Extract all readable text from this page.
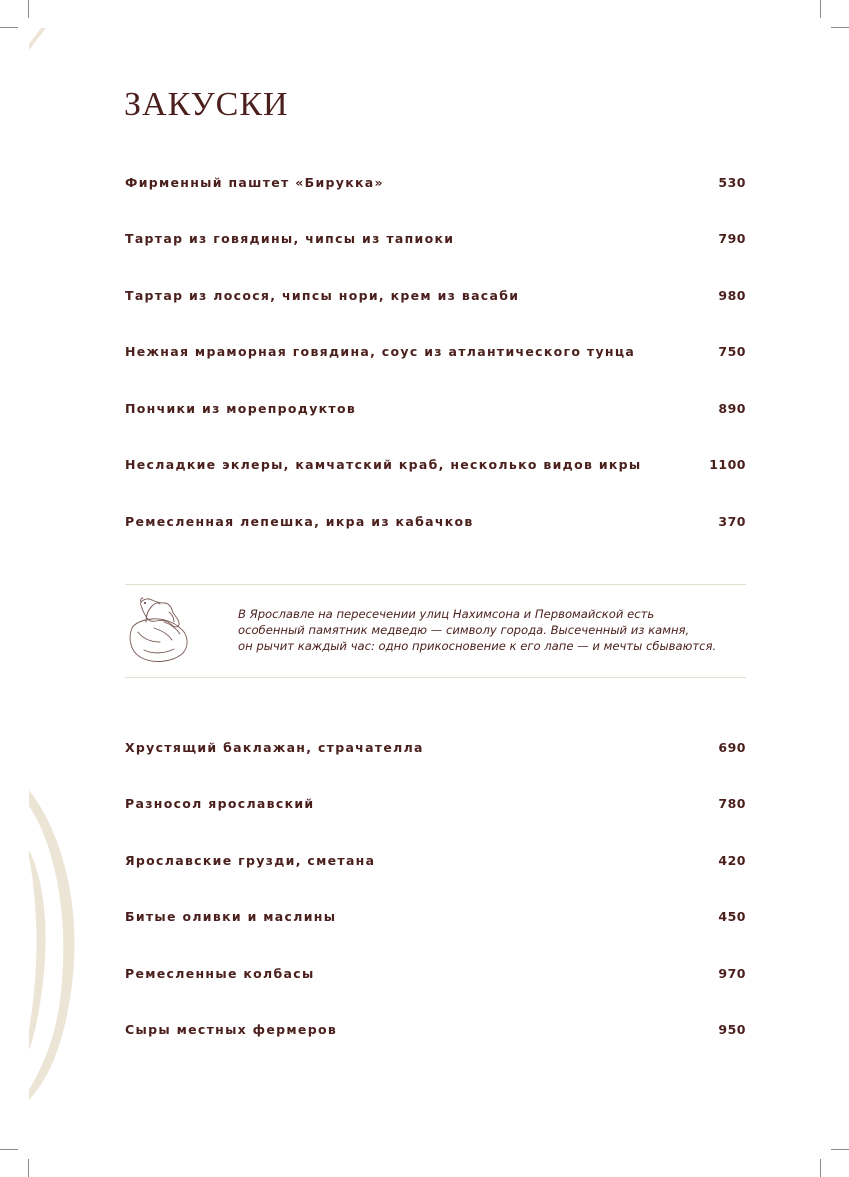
ЗАКУСКИ
Фирменный паштет «Бирукка»	530
Тартар из говядины, чипсы из тапиоки	790
Тартар из лосося, чипсы нори, крем из васаби	980
Нежная мраморная говядина, соус из атлантического тунца	750
Пончики из морепродуктов	890
Несладкие эклеры, камчатский краб, несколько видов икры	1100
Ремесленная лепешка, икра из кабачков	370
В Ярославле на пересечении улиц Нахимсона и Первомайской есть
особенный памятник медведю — символу города. Высеченный из камня,
он рычит каждый час: одно прикосновение к его лапе — и мечты сбываются.
Хрустящий баклажан, страчателла	690
Разносол ярославский	780
Ярославские грузди, сметана	420
Битые оливки и маслины	450
Ремесленные колбасы	970
Сыры местных фермеров	950
